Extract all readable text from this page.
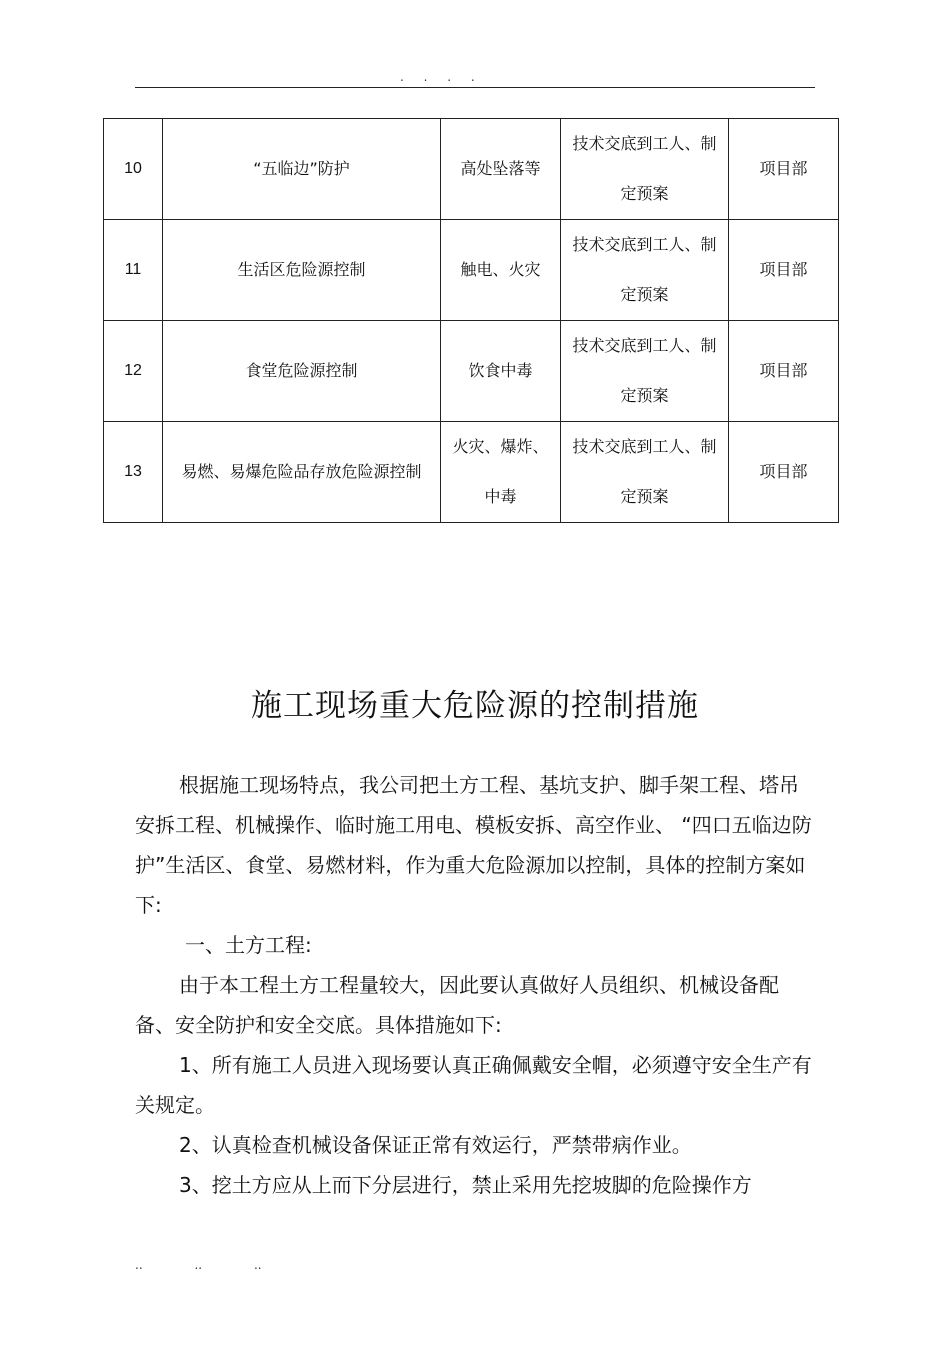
. . . .
10	“五临边”防护	高处坠落等	技术交底到工人、制定预案	项目部
11	生活区危险源控制	触电、火灾	技术交底到工人、制定预案	项目部
12	食堂危险源控制	饮食中毒	技术交底到工人、制定预案	项目部
13	易燃、易爆危险品存放危险源控制	火灾、爆炸、中毒	技术交底到工人、制定预案	项目部
施工现场重大危险源的控制措施

根据施工现场特点，我公司把土方工程、基坑支护、脚手架工程、塔吊安拆工程、机械操作、临时施工用电、模板安拆、高空作业、 “四口五临边防护”生活区、食堂、易燃材料，作为重大危险源加以控制，具体的控制方案如下:

一、土方工程:

由于本工程土方工程量较大，因此要认真做好人员组织、机械设备配备、安全防护和安全交底。具体措施如下:

1、所有施工人员进入现场要认真正确佩戴安全帽，必须遵守安全生产有关规定。

2、认真检查机械设备保证正常有效运行，严禁带病作业。

3、挖土方应从上而下分层进行，禁止采用先挖坡脚的危险操作方

..	..	..
